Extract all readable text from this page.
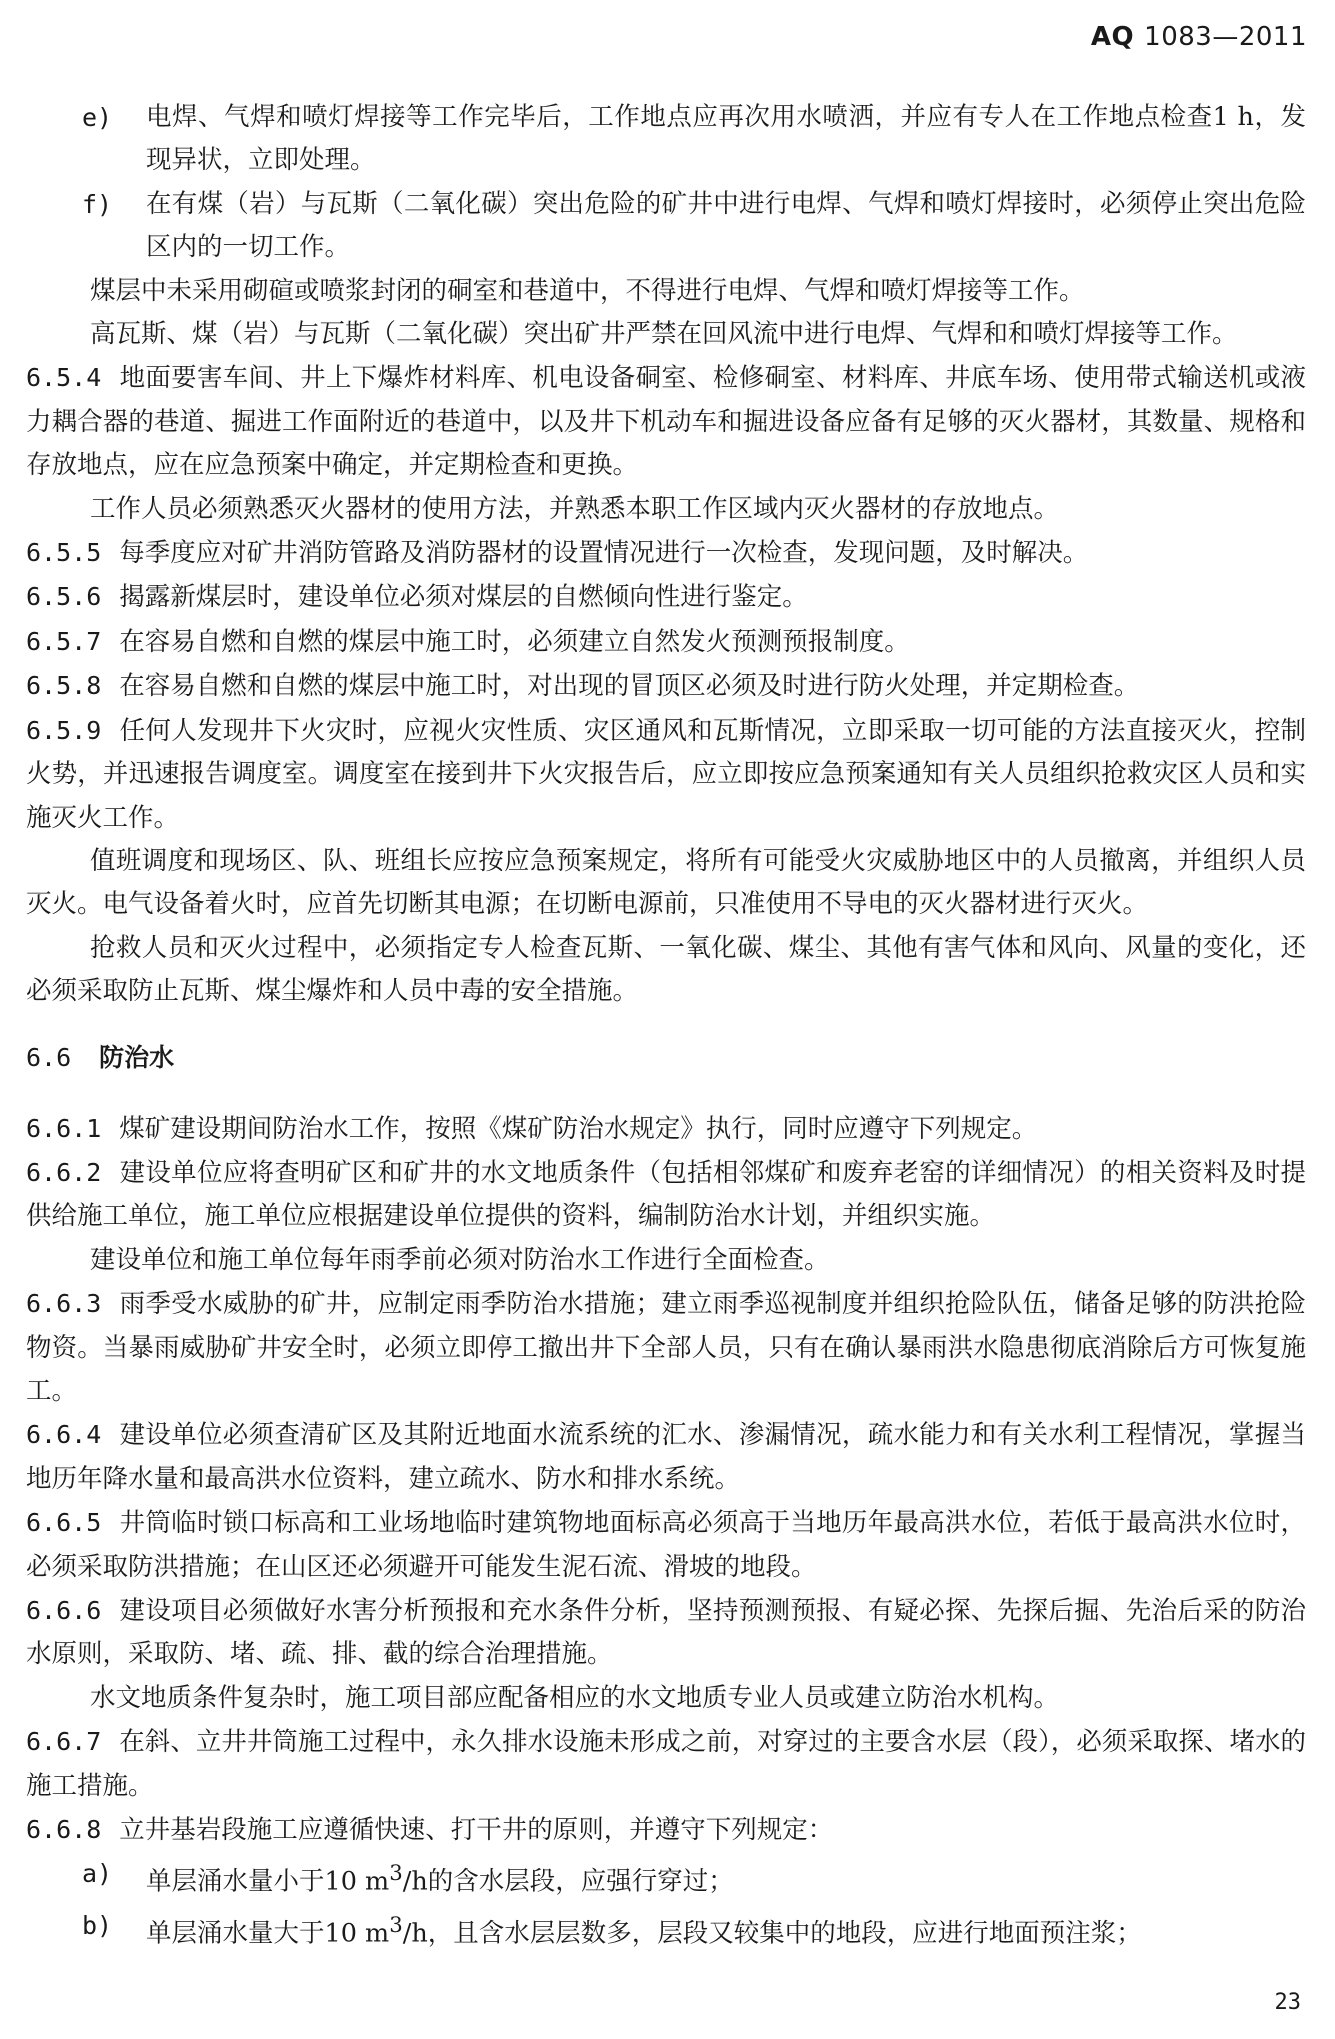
AQ 1083—2011

e) 电焊、气焊和喷灯焊接等工作完毕后，工作地点应再次用水喷洒，并应有专人在工作地点检查1 h，发现异状，立即处理。

f) 在有煤（岩）与瓦斯（二氧化碳）突出危险的矿井中进行电焊、气焊和喷灯焊接时，必须停止突出危险区内的一切工作。

煤层中未采用砌碹或喷浆封闭的硐室和巷道中，不得进行电焊、气焊和喷灯焊接等工作。

高瓦斯、煤（岩）与瓦斯（二氧化碳）突出矿井严禁在回风流中进行电焊、气焊和和喷灯焊接等工作。

6.5.4 地面要害车间、井上下爆炸材料库、机电设备硐室、检修硐室、材料库、井底车场、使用带式输送机或液力耦合器的巷道、掘进工作面附近的巷道中，以及井下机动车和掘进设备应备有足够的灭火器材，其数量、规格和存放地点，应在应急预案中确定，并定期检查和更换。

工作人员必须熟悉灭火器材的使用方法，并熟悉本职工作区域内灭火器材的存放地点。

6.5.5 每季度应对矿井消防管路及消防器材的设置情况进行一次检查，发现问题，及时解决。

6.5.6 揭露新煤层时，建设单位必须对煤层的自燃倾向性进行鉴定。

6.5.7 在容易自燃和自燃的煤层中施工时，必须建立自然发火预测预报制度。

6.5.8 在容易自燃和自燃的煤层中施工时，对出现的冒顶区必须及时进行防火处理，并定期检查。

6.5.9 任何人发现井下火灾时，应视火灾性质、灾区通风和瓦斯情况，立即采取一切可能的方法直接灭火，控制火势，并迅速报告调度室。调度室在接到井下火灾报告后，应立即按应急预案通知有关人员组织抢救灾区人员和实施灭火工作。

值班调度和现场区、队、班组长应按应急预案规定，将所有可能受火灾威胁地区中的人员撤离，并组织人员灭火。电气设备着火时，应首先切断其电源；在切断电源前，只准使用不导电的灭火器材进行灭火。

抢救人员和灭火过程中，必须指定专人检查瓦斯、一氧化碳、煤尘、其他有害气体和风向、风量的变化，还必须采取防止瓦斯、煤尘爆炸和人员中毒的安全措施。

6.6 防治水

6.6.1 煤矿建设期间防治水工作，按照《煤矿防治水规定》执行，同时应遵守下列规定。

6.6.2 建设单位应将查明矿区和矿井的水文地质条件（包括相邻煤矿和废弃老窑的详细情况）的相关资料及时提供给施工单位，施工单位应根据建设单位提供的资料，编制防治水计划，并组织实施。

建设单位和施工单位每年雨季前必须对防治水工作进行全面检查。

6.6.3 雨季受水威胁的矿井，应制定雨季防治水措施；建立雨季巡视制度并组织抢险队伍，储备足够的防洪抢险物资。当暴雨威胁矿井安全时，必须立即停工撤出井下全部人员，只有在确认暴雨洪水隐患彻底消除后方可恢复施工。

6.6.4 建设单位必须查清矿区及其附近地面水流系统的汇水、渗漏情况，疏水能力和有关水利工程情况，掌握当地历年降水量和最高洪水位资料，建立疏水、防水和排水系统。

6.6.5 井筒临时锁口标高和工业场地临时建筑物地面标高必须高于当地历年最高洪水位，若低于最高洪水位时，必须采取防洪措施；在山区还必须避开可能发生泥石流、滑坡的地段。

6.6.6 建设项目必须做好水害分析预报和充水条件分析，坚持预测预报、有疑必探、先探后掘、先治后采的防治水原则，采取防、堵、疏、排、截的综合治理措施。

水文地质条件复杂时，施工项目部应配备相应的水文地质专业人员或建立防治水机构。

6.6.7 在斜、立井井筒施工过程中，永久排水设施未形成之前，对穿过的主要含水层（段），必须采取探、堵水的施工措施。

6.6.8 立井基岩段施工应遵循快速、打干井的原则，并遵守下列规定：

a) 单层涌水量小于10 $m^3/h$的含水层段，应强行穿过；

b) 单层涌水量大于10 $m^3/h$，且含水层层数多，层段又较集中的地段，应进行地面预注浆；

23
